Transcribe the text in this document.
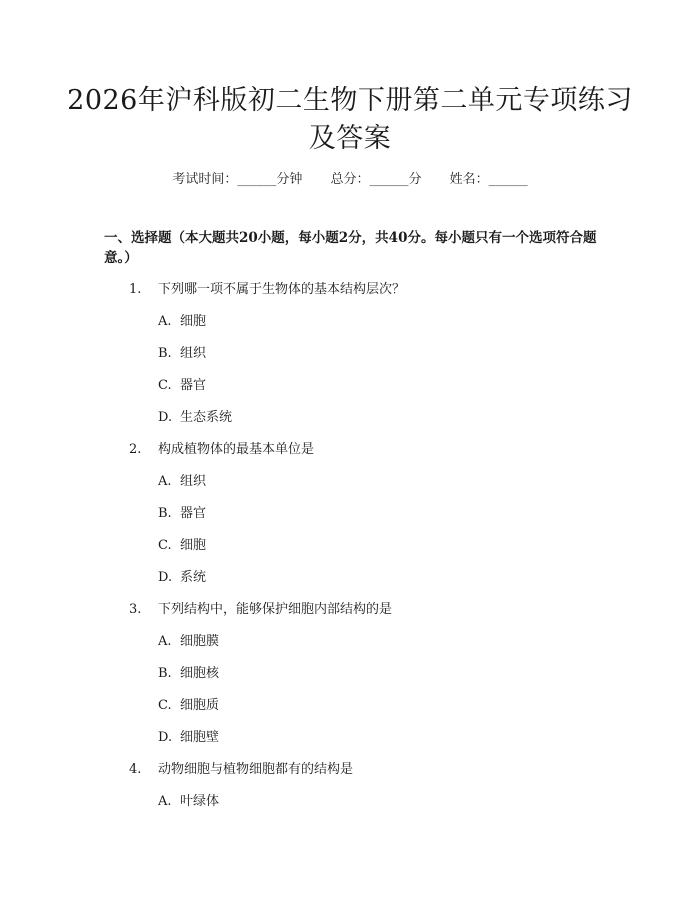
2026年沪科版初二生物下册第二单元专项练习及答案
考试时间：______分钟 总分：______分 姓名：______

一、选择题（本大题共20小题，每小题2分，共40分。每小题只有一个选项符合题意。）

1. 下列哪一项不属于生物体的基本结构层次？
A. 细胞
B. 组织
C. 器官
D. 生态系统
2. 构成植物体的最基本单位是
A. 组织
B. 器官
C. 细胞
D. 系统
3. 下列结构中，能够保护细胞内部结构的是
A. 细胞膜
B. 细胞核
C. 细胞质
D. 细胞壁
4. 动物细胞与植物细胞都有的结构是
A. 叶绿体
